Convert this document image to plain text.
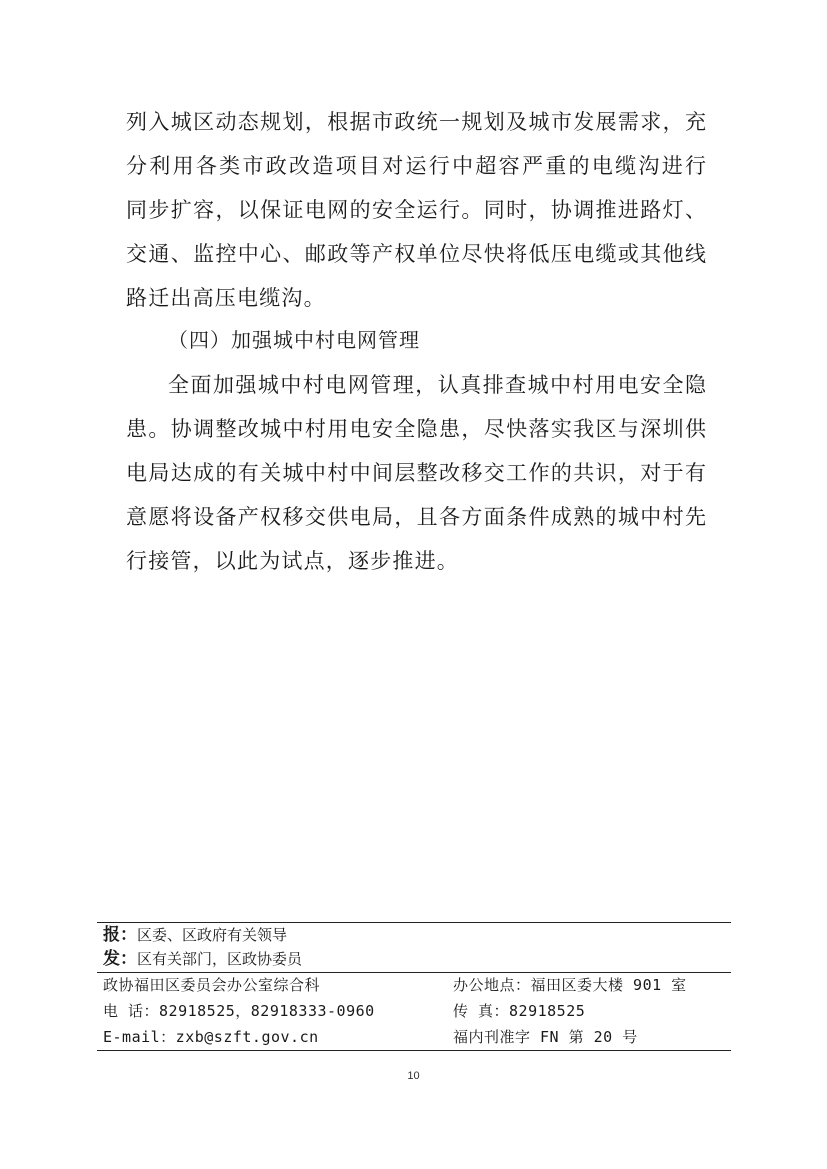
列入城区动态规划，根据市政统一规划及城市发展需求，充
分利用各类市政改造项目对运行中超容严重的电缆沟进行
同步扩容，以保证电网的安全运行。同时，协调推进路灯、
交通、监控中心、邮政等产权单位尽快将低压电缆或其他线
路迁出高压电缆沟。
（四）加强城中村电网管理
全面加强城中村电网管理，认真排查城中村用电安全隐
患。协调整改城中村用电安全隐患，尽快落实我区与深圳供
电局达成的有关城中村中间层整改移交工作的共识，对于有
意愿将设备产权移交供电局，且各方面条件成熟的城中村先
行接管，以此为试点，逐步推进。
报：区委、区政府有关领导
发：区有关部门，区政协委员
政协福田区委员会办公室综合科	办公地点：福田区委大楼 901 室
电 话：82918525，82918333-0960	传 真：82918525
E-mail：zxb@szft.gov.cn	福内刊准字 FN 第 20 号
10
